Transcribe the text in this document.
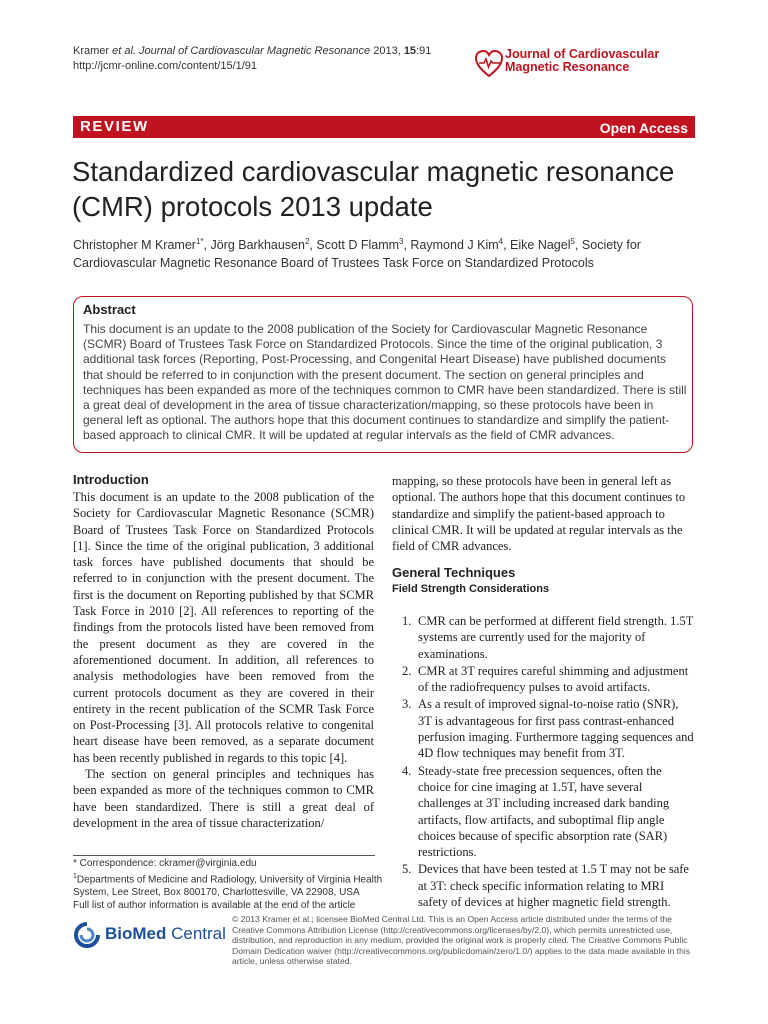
Kramer et al. Journal of Cardiovascular Magnetic Resonance 2013, 15:91
http://jcmr-online.com/content/15/1/91
Journal of Cardiovascular
Magnetic Resonance
REVIEW	Open Access
Standardized cardiovascular magnetic resonance
(CMR) protocols 2013 update
Christopher M Kramer$^{1*}$, Jörg Barkhausen$^2$, Scott D Flamm$^3$, Raymond J Kim$^4$, Eike Nagel$^5$, Society for Cardiovascular Magnetic Resonance Board of Trustees Task Force on Standardized Protocols
Abstract
This document is an update to the 2008 publication of the Society for Cardiovascular Magnetic Resonance (SCMR) Board of Trustees Task Force on Standardized Protocols. Since the time of the original publication, 3 additional task forces (Reporting, Post-Processing, and Congenital Heart Disease) have published documents that should be referred to in conjunction with the present document. The section on general principles and techniques has been expanded as more of the techniques common to CMR have been standardized. There is still a great deal of development in the area of tissue characterization/mapping, so these protocols have been in general left as optional. The authors hope that this document continues to standardize and simplify the patient-based approach to clinical CMR. It will be updated at regular intervals as the field of CMR advances.
Introduction

This document is an update to the 2008 publication of the Society for Cardiovascular Magnetic Resonance (SCMR) Board of Trustees Task Force on Standardized Protocols [1]. Since the time of the original publication, 3 additional task forces have published documents that should be referred to in conjunction with the present document. The first is the document on Reporting published by that SCMR Task Force in 2010 [2]. All references to reporting of the findings from the protocols listed have been removed from the present document as they are covered in the aforementioned document. In addition, all references to analysis methodologies have been removed from the current protocols document as they are covered in their entirety in the recent publication of the SCMR Task Force on Post-Processing [3]. All protocols relative to congenital heart disease have been removed, as a separate document has been recently published in regards to this topic [4].

The section on general principles and techniques has been expanded as more of the techniques common to CMR have been standardized. There is still a great deal of development in the area of tissue characterization/

mapping, so these protocols have been in general left as optional. The authors hope that this document continues to standardize and simplify the patient-based approach to clinical CMR. It will be updated at regular intervals as the field of CMR advances.
General Techniques
Field Strength Considerations
1. CMR can be performed at different field strength. 1.5T systems are currently used for the majority of examinations.
2. CMR at 3T requires careful shimming and adjustment of the radiofrequency pulses to avoid artifacts.
3. As a result of improved signal-to-noise ratio (SNR), 3T is advantageous for first pass contrast-enhanced perfusion imaging. Furthermore tagging sequences and 4D flow techniques may benefit from 3T.
4. Steady-state free precession sequences, often the choice for cine imaging at 1.5T, have several challenges at 3T including increased dark banding artifacts, flow artifacts, and suboptimal flip angle choices because of specific absorption rate (SAR) restrictions.
5. Devices that have been tested at 1.5 T may not be safe at 3T: check specific information relating to MRI safety of devices at higher magnetic field strength.
* Correspondence: ckramer@virginia.edu
$^1$Departments of Medicine and Radiology, University of Virginia Health System, Lee Street, Box 800170, Charlottesville, VA 22908, USA
Full list of author information is available at the end of the article
BioMed Central
© 2013 Kramer et al.; licensee BioMed Central Ltd. This is an Open Access article distributed under the terms of the Creative Commons Attribution License (http://creativecommons.org/licenses/by/2.0), which permits unrestricted use, distribution, and reproduction in any medium, provided the original work is properly cited. The Creative Commons Public Domain Dedication waiver (http://creativecommons.org/publicdomain/zero/1.0/) applies to the data made available in this article, unless otherwise stated.
